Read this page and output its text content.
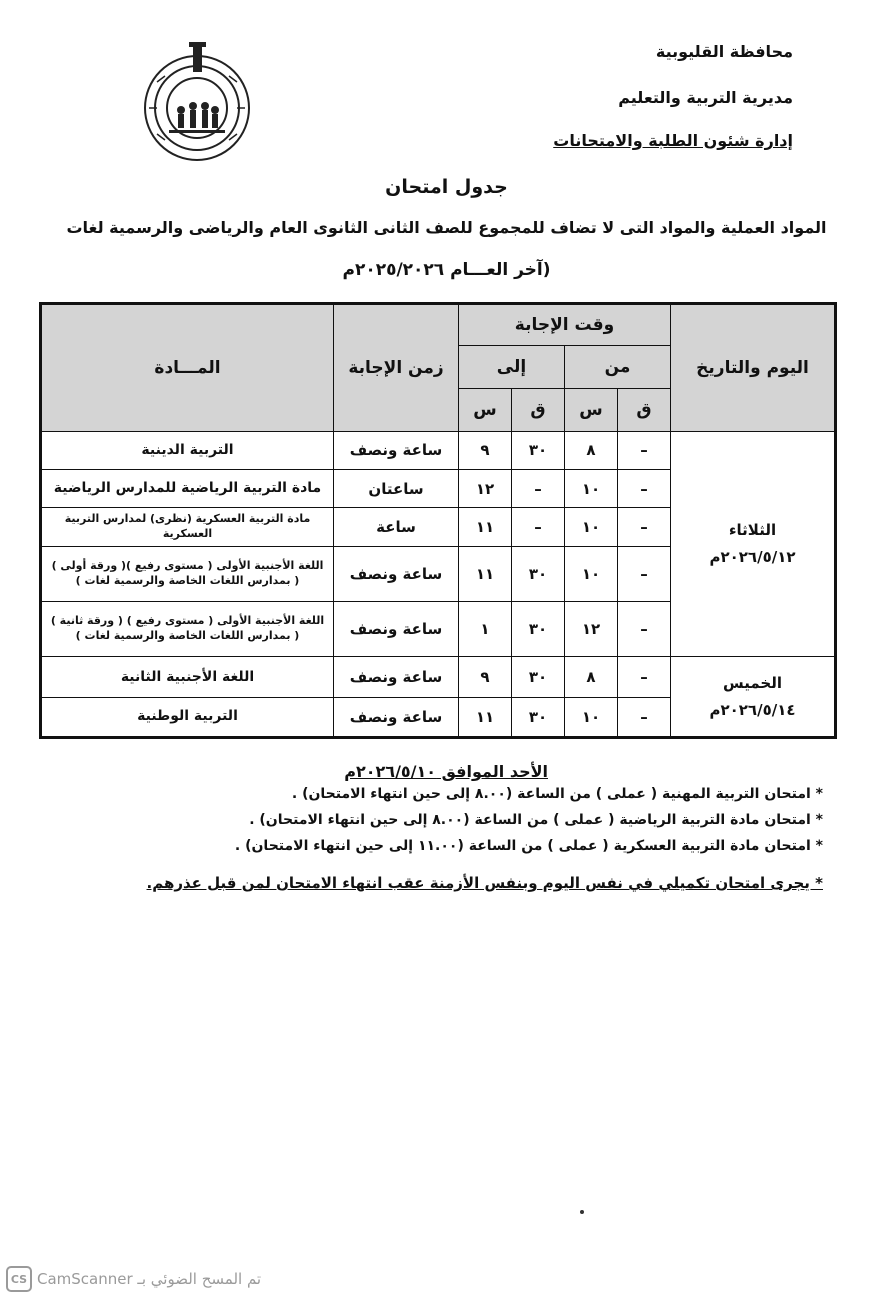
محافظة القليوبية
مديرية التربية والتعليم
إدارة شئون الطلبة والامتحانات
جدول امتحان
المواد العملية والمواد التى لا تضاف للمجموع للصف الثانى الثانوى العام والرياضى والرسمية لغات
(آخر العـــام ٢٠٢٥/٢٠٢٦م
اليوم والتاريخ	وقت الإجابة				زمن الإجابة	المـــادة
	من		إلى			
	ق	س	ق	س		

الثلاثاء
٢٠٢٦/٥/١٢م	–	٨	٣٠	٩	ساعة ونصف	التربية الدينية
	–	١٠	–	١٢	ساعتان	مادة التربية الرياضية للمدارس الرياضية
	–	١٠	–	١١	ساعة	مادة التربية العسكرية (نظرى) لمدارس التربية العسكرية
	–	١٠	٣٠	١١	ساعة ونصف	اللغة الأجنبية الأولى ( مستوى رفيع )( ورقة أولى )
( بمدارس اللغات الخاصة والرسمية لغات )

	–	١٢	٣٠	١	ساعة ونصف	اللغة الأجنبية الأولى ( مستوى رفيع ) ( ورقة ثانية )
( بمدارس اللغات الخاصة والرسمية لغات )

الخميس
٢٠٢٦/٥/١٤م	–	٨	٣٠	٩	ساعة ونصف	اللغة الأجنبية الثانية
	–	١٠	٣٠	١١	ساعة ونصف	التربية الوطنية
الأحد الموافق ٢٠٢٦/٥/١٠م
* امتحان التربية المهنية ( عملى ) من الساعة (٨.٠٠ إلى حين انتهاء الامتحان) .
* امتحان مادة التربية الرياضية ( عملى ) من الساعة (٨.٠٠ إلى حين انتهاء الامتحان) .
* امتحان مادة التربية العسكرية ( عملى ) من الساعة (١١.٠٠ إلى حين انتهاء الامتحان) .
* يجرى امتحان تكميلي في نفس اليوم وبنفس الأزمنة عقب انتهاء الامتحان لمن قبل عذرهم.
CS تم المسح الضوئي بـ CamScanner
